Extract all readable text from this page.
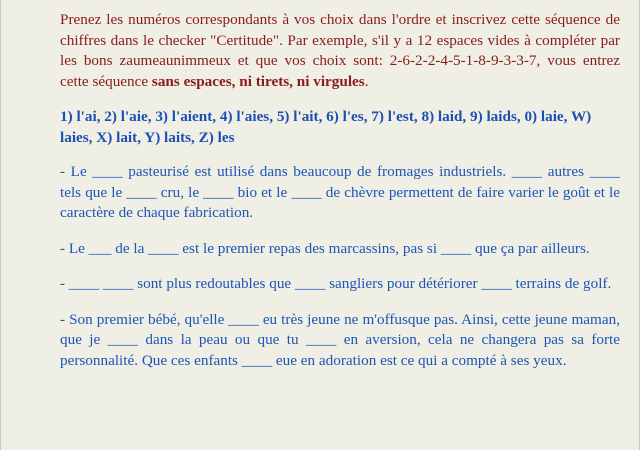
Prenez les numéros correspondants à vos choix dans l'ordre et inscrivez cette séquence de chiffres dans le checker "Certitude". Par exemple, s'il y a 12 espaces vides à compléter par les bons zaumeaunimmeux et que vos choix sont: 2-6-2-2-4-5-1-8-9-3-3-7, vous entrez cette séquence sans espaces, ni tirets, ni virgules.

1) l'ai, 2) l'aie, 3) l'aient, 4) l'aies, 5) l'ait, 6) l'es, 7) l'est, 8) laid, 9) laids, 0) laie, W) laies, X) lait, Y) laits, Z) les

- Le ____ pasteurisé est utilisé dans beaucoup de fromages industriels. ____ autres ____ tels que le ____ cru, le ____ bio et le ____ de chèvre permettent de faire varier le goût et le caractère de chaque fabrication.

- Le ___ de la ____ est le premier repas des marcassins, pas si ____ que ça par ailleurs.

- ____ ____ sont plus redoutables que ____ sangliers pour détériorer ____ terrains de golf.

- Son premier bébé, qu'elle ____ eu très jeune ne m'offusque pas. Ainsi, cette jeune maman, que je ____ dans la peau ou que tu ____ en aversion, cela ne changera pas sa forte personnalité. Que ces enfants ____ eue en adoration est ce qui a compté à ses yeux.
